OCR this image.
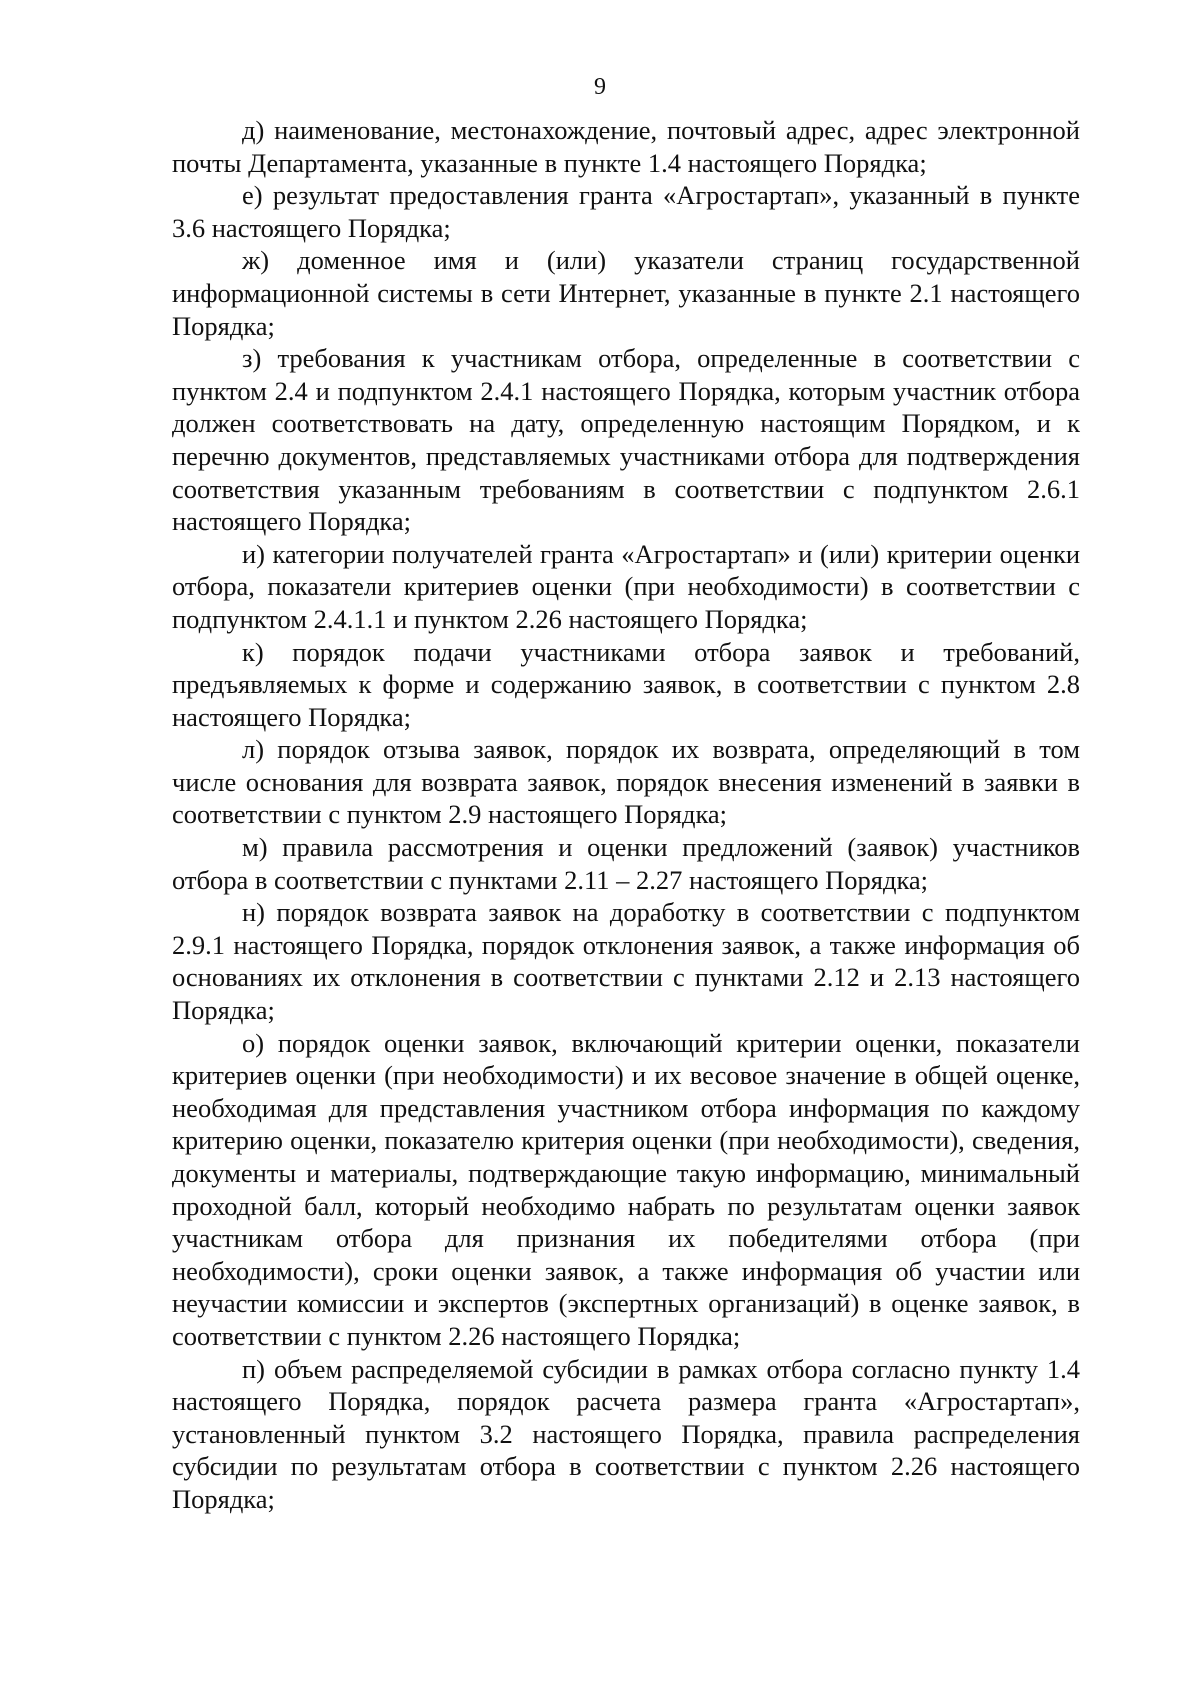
9

д) наименование, местонахождение, почтовый адрес, адрес электронной почты Департамента, указанные в пункте 1.4 настоящего Порядка;

е) результат предоставления гранта «Агростартап», указанный в пункте 3.6 настоящего Порядка;

ж) доменное имя и (или) указатели страниц государственной информационной системы в сети Интернет, указанные в пункте 2.1 настоящего Порядка;

з) требования к участникам отбора, определенные в соответствии с пунктом 2.4 и подпунктом 2.4.1 настоящего Порядка, которым участник отбора должен соответствовать на дату, определенную настоящим Порядком, и к перечню документов, представляемых участниками отбора для подтверждения соответствия указанным требованиям в соответствии с подпунктом 2.6.1 настоящего Порядка;

и) категории получателей гранта «Агростартап» и (или) критерии оценки отбора, показатели критериев оценки (при необходимости) в соответствии с подпунктом 2.4.1.1 и пунктом 2.26 настоящего Порядка;

к) порядок подачи участниками отбора заявок и требований, предъявляемых к форме и содержанию заявок, в соответствии с пунктом 2.8 настоящего Порядка;

л) порядок отзыва заявок, порядок их возврата, определяющий в том числе основания для возврата заявок, порядок внесения изменений в заявки в соответствии с пунктом 2.9 настоящего Порядка;

м) правила рассмотрения и оценки предложений (заявок) участников отбора в соответствии с пунктами 2.11 – 2.27 настоящего Порядка;

н) порядок возврата заявок на доработку в соответствии с подпунктом 2.9.1 настоящего Порядка, порядок отклонения заявок, а также информация об основаниях их отклонения в соответствии с пунктами 2.12 и 2.13 настоящего Порядка;

о) порядок оценки заявок, включающий критерии оценки, показатели критериев оценки (при необходимости) и их весовое значение в общей оценке, необходимая для представления участником отбора информация по каждому критерию оценки, показателю критерия оценки (при необходимости), сведения, документы и материалы, подтверждающие такую информацию, минимальный проходной балл, который необходимо набрать по результатам оценки заявок участникам отбора для признания их победителями отбора (при необходимости), сроки оценки заявок, а также информация об участии или неучастии комиссии и экспертов (экспертных организаций) в оценке заявок, в соответствии с пунктом 2.26 настоящего Порядка;

п) объем распределяемой субсидии в рамках отбора согласно пункту 1.4 настоящего Порядка, порядок расчета размера гранта «Агростартап», установленный пунктом 3.2 настоящего Порядка, правила распределения субсидии по результатам отбора в соответствии с пунктом 2.26 настоящего Порядка;
